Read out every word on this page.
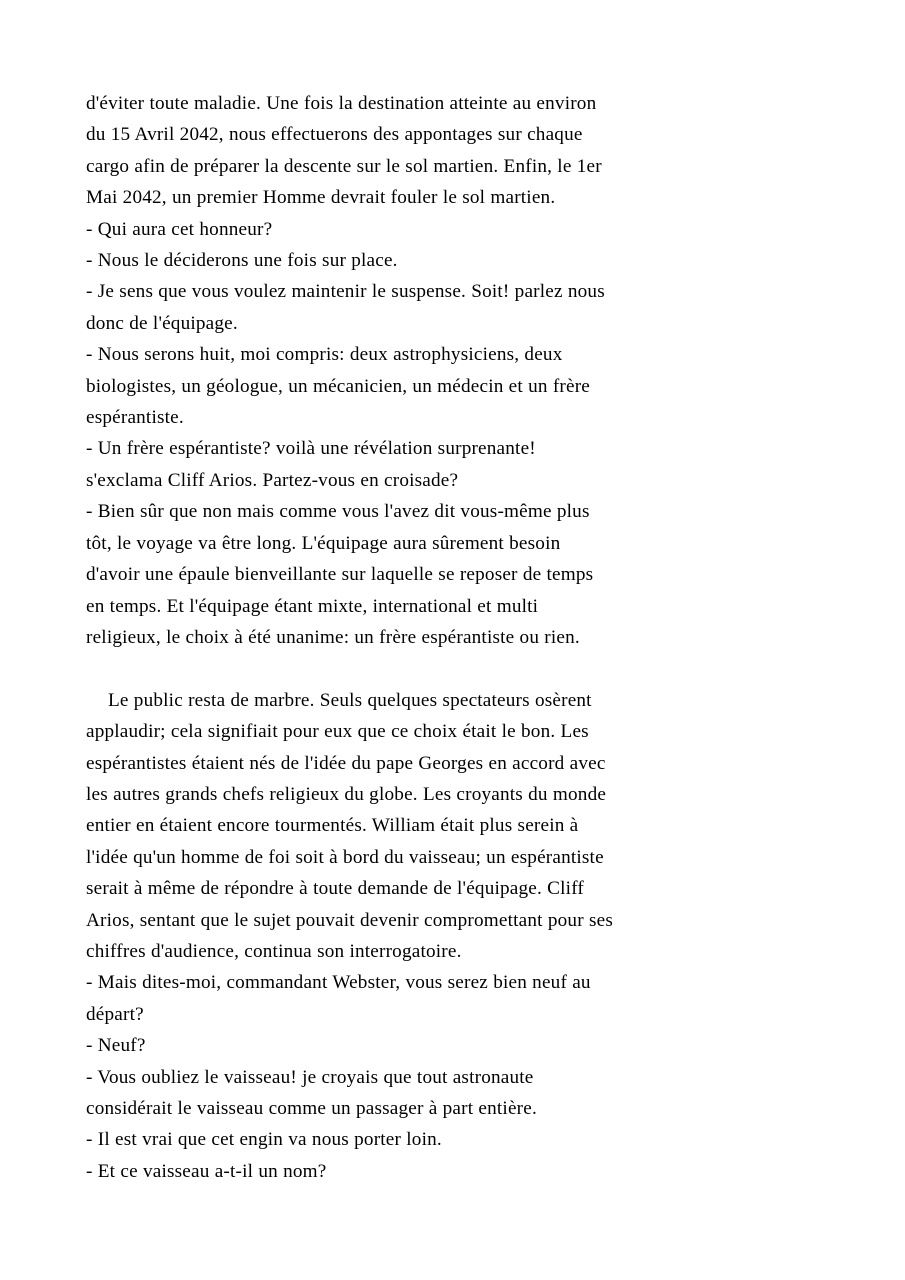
d'éviter toute maladie. Une fois la destination atteinte au environ
du 15 Avril 2042, nous effectuerons des appontages sur chaque
cargo afin de préparer la descente sur le sol martien. Enfin, le 1er
Mai 2042, un premier Homme devrait fouler le sol martien.
- Qui aura cet honneur?
- Nous le déciderons une fois sur place.
- Je sens que vous voulez maintenir le suspense. Soit! parlez nous
donc de l'équipage.
- Nous serons huit, moi compris: deux astrophysiciens, deux
biologistes, un géologue, un mécanicien, un médecin et un frère
espérantiste.
- Un frère espérantiste? voilà une révélation surprenante!
s'exclama Cliff Arios. Partez-vous en croisade?
- Bien sûr que non mais comme vous l'avez dit vous-même plus
tôt, le voyage va être long. L'équipage aura sûrement besoin
d'avoir une épaule bienveillante sur laquelle se reposer de temps
en temps. Et l'équipage étant mixte, international et multi
religieux, le choix à été unanime: un frère espérantiste ou rien.

Le public resta de marbre. Seuls quelques spectateurs osèrent
applaudir; cela signifiait pour eux que ce choix était le bon. Les
espérantistes étaient nés de l'idée du pape Georges en accord avec
les autres grands chefs religieux du globe. Les croyants du monde
entier en étaient encore tourmentés. William était plus serein à
l'idée qu'un homme de foi soit à bord du vaisseau; un espérantiste
serait à même de répondre à toute demande de l'équipage. Cliff
Arios, sentant que le sujet pouvait devenir compromettant pour ses
chiffres d'audience, continua son interrogatoire.
- Mais dites-moi, commandant Webster, vous serez bien neuf au
départ?
- Neuf?
- Vous oubliez le vaisseau! je croyais que tout astronaute
considérait le vaisseau comme un passager à part entière.
- Il est vrai que cet engin va nous porter loin.
- Et ce vaisseau a-t-il un nom?
